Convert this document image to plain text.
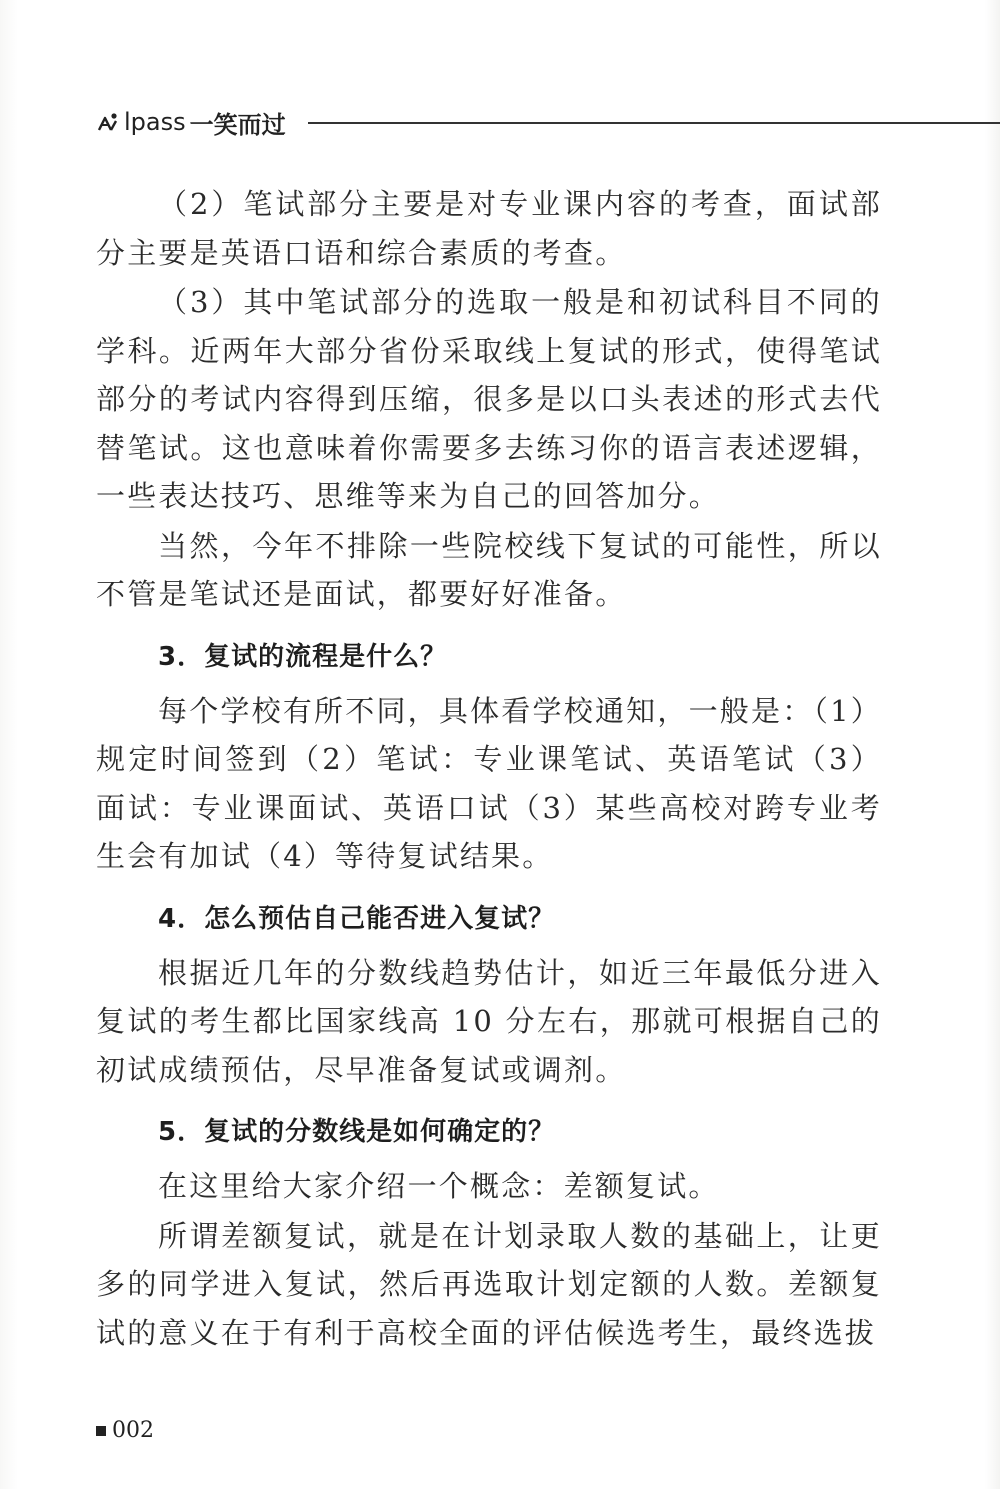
lpass 一笑而过

（2）笔试部分主要是对专业课内容的考查，面试部分主要是英语口语和综合素质的考查。

（3）其中笔试部分的选取一般是和初试科目不同的学科。近两年大部分省份采取线上复试的形式，使得笔试部分的考试内容得到压缩，很多是以口头表述的形式去代替笔试。这也意味着你需要多去练习你的语言表述逻辑，一些表达技巧、思维等来为自己的回答加分。

当然，今年不排除一些院校线下复试的可能性，所以不管是笔试还是面试，都要好好准备。

3．复试的流程是什么？

每个学校有所不同，具体看学校通知，一般是：（1）规定时间签到（2）笔试：专业课笔试、英语笔试（3）面试：专业课面试、英语口试（3）某些高校对跨专业考生会有加试（4）等待复试结果。

4．怎么预估自己能否进入复试？

根据近几年的分数线趋势估计，如近三年最低分进入复试的考生都比国家线高 10 分左右，那就可根据自己的初试成绩预估，尽早准备复试或调剂。

5．复试的分数线是如何确定的？

在这里给大家介绍一个概念：差额复试。

所谓差额复试，就是在计划录取人数的基础上，让更多的同学进入复试，然后再选取计划定额的人数。差额复试的意义在于有利于高校全面的评估候选考生，最终选拔

002
